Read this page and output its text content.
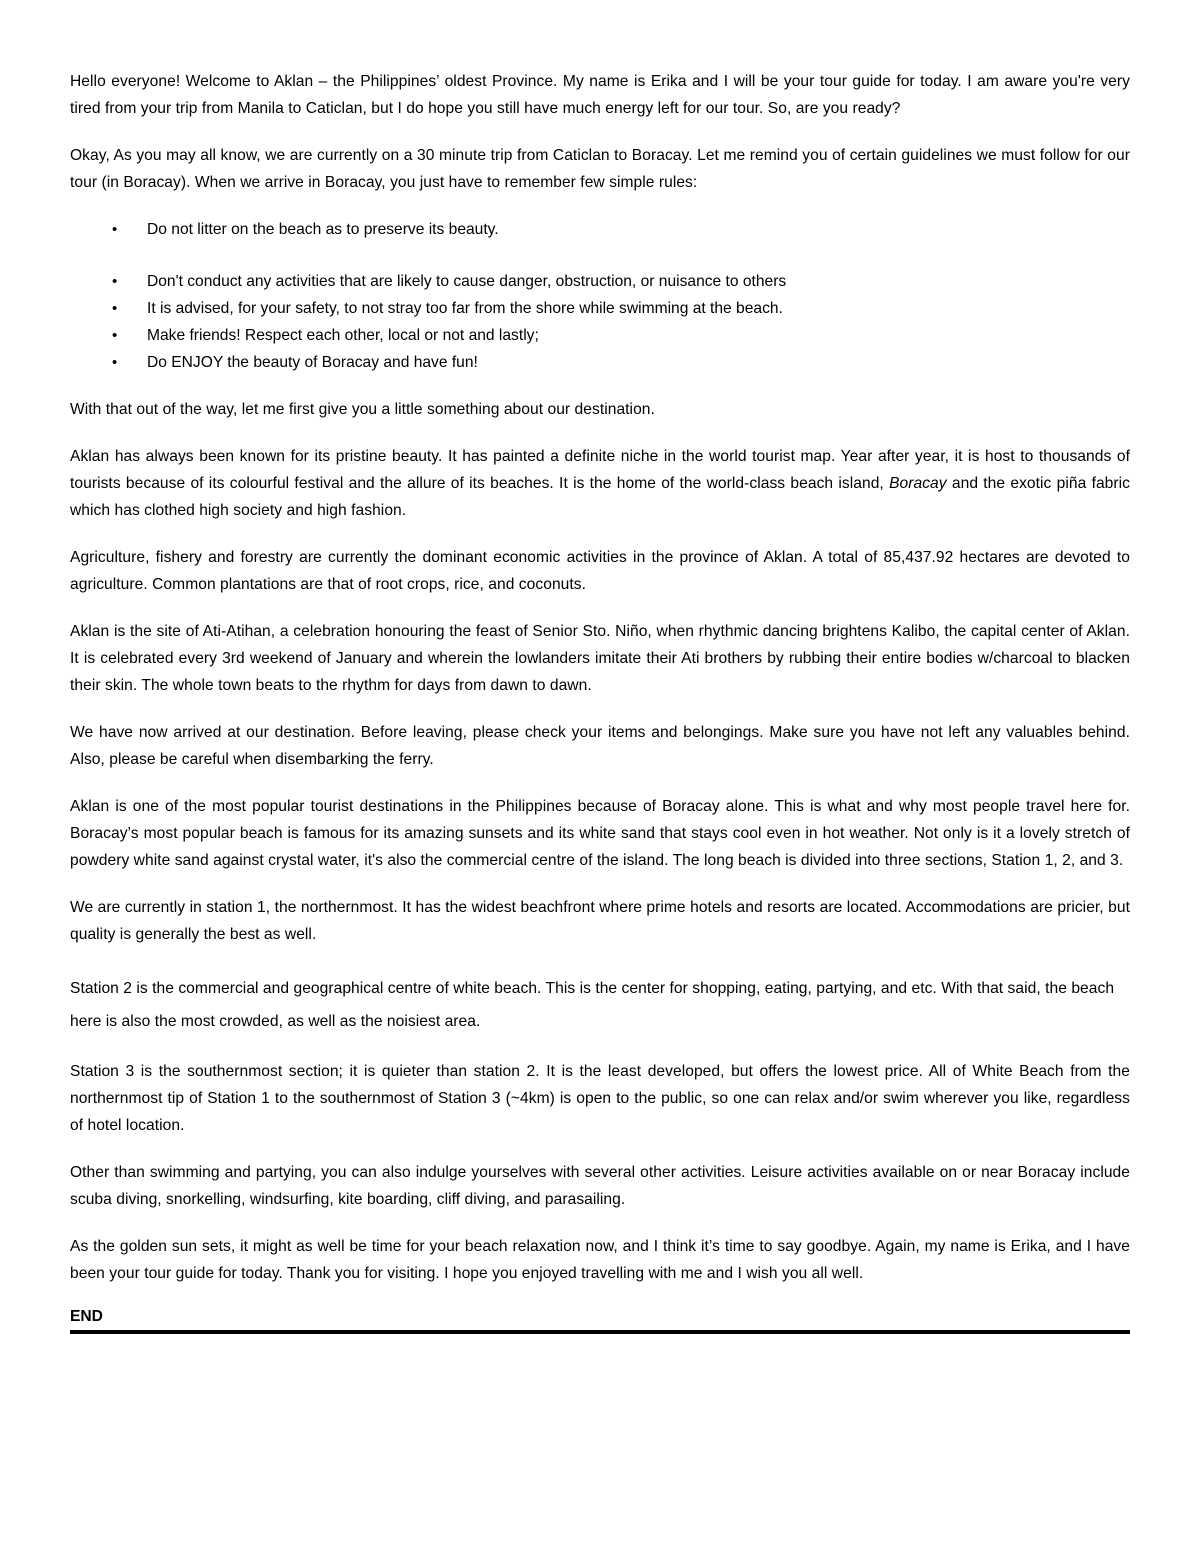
Hello everyone! Welcome to Aklan – the Philippines’ oldest Province. My name is Erika and I will be your tour guide for today. I am aware you're very tired from your trip from Manila to Caticlan, but I do hope you still have much energy left for our tour. So, are you ready?

Okay, As you may all know, we are currently on a 30 minute trip from Caticlan to Boracay. Let me remind you of certain guidelines we must follow for our tour (in Boracay). When we arrive in Boracay, you just have to remember few simple rules:

• Do not litter on the beach as to preserve its beauty.
• Don't conduct any activities that are likely to cause danger, obstruction, or nuisance to others
• It is advised, for your safety, to not stray too far from the shore while swimming at the beach.
• Make friends! Respect each other, local or not and lastly;
• Do ENJOY the beauty of Boracay and have fun!

With that out of the way, let me first give you a little something about our destination.

Aklan has always been known for its pristine beauty. It has painted a definite niche in the world tourist map. Year after year, it is host to thousands of tourists because of its colourful festival and the allure of its beaches. It is the home of the world-class beach island, Boracay and the exotic piña fabric which has clothed high society and high fashion.

Agriculture, fishery and forestry are currently the dominant economic activities in the province of Aklan. A total of 85,437.92 hectares are devoted to agriculture. Common plantations are that of root crops, rice, and coconuts.

Aklan is the site of Ati-Atihan, a celebration honouring the feast of Senior Sto. Niño, when rhythmic dancing brightens Kalibo, the capital center of Aklan. It is celebrated every 3rd weekend of January and wherein the lowlanders imitate their Ati brothers by rubbing their entire bodies w/charcoal to blacken their skin. The whole town beats to the rhythm for days from dawn to dawn.

We have now arrived at our destination. Before leaving, please check your items and belongings. Make sure you have not left any valuables behind. Also, please be careful when disembarking the ferry.

Aklan is one of the most popular tourist destinations in the Philippines because of Boracay alone. This is what and why most people travel here for. Boracay’s most popular beach is famous for its amazing sunsets and its white sand that stays cool even in hot weather. Not only is it a lovely stretch of powdery white sand against crystal water, it's also the commercial centre of the island. The long beach is divided into three sections, Station 1, 2, and 3.

We are currently in station 1, the northernmost. It has the widest beachfront where prime hotels and resorts are located. Accommodations are pricier, but quality is generally the best as well.

Station 2 is the commercial and geographical centre of white beach. This is the center for shopping, eating, partying, and etc. With that said, the beach here is also the most crowded, as well as the noisiest area.

Station 3 is the southernmost section; it is quieter than station 2. It is the least developed, but offers the lowest price. All of White Beach from the northernmost tip of Station 1 to the southernmost of Station 3 (~4km) is open to the public, so one can relax and/or swim wherever you like, regardless of hotel location.

Other than swimming and partying, you can also indulge yourselves with several other activities. Leisure activities available on or near Boracay include scuba diving, snorkelling, windsurfing, kite boarding, cliff diving, and parasailing.

As the golden sun sets, it might as well be time for your beach relaxation now, and I think it’s time to say goodbye. Again, my name is Erika, and I have been your tour guide for today. Thank you for visiting. I hope you enjoyed travelling with me and I wish you all well.

END
